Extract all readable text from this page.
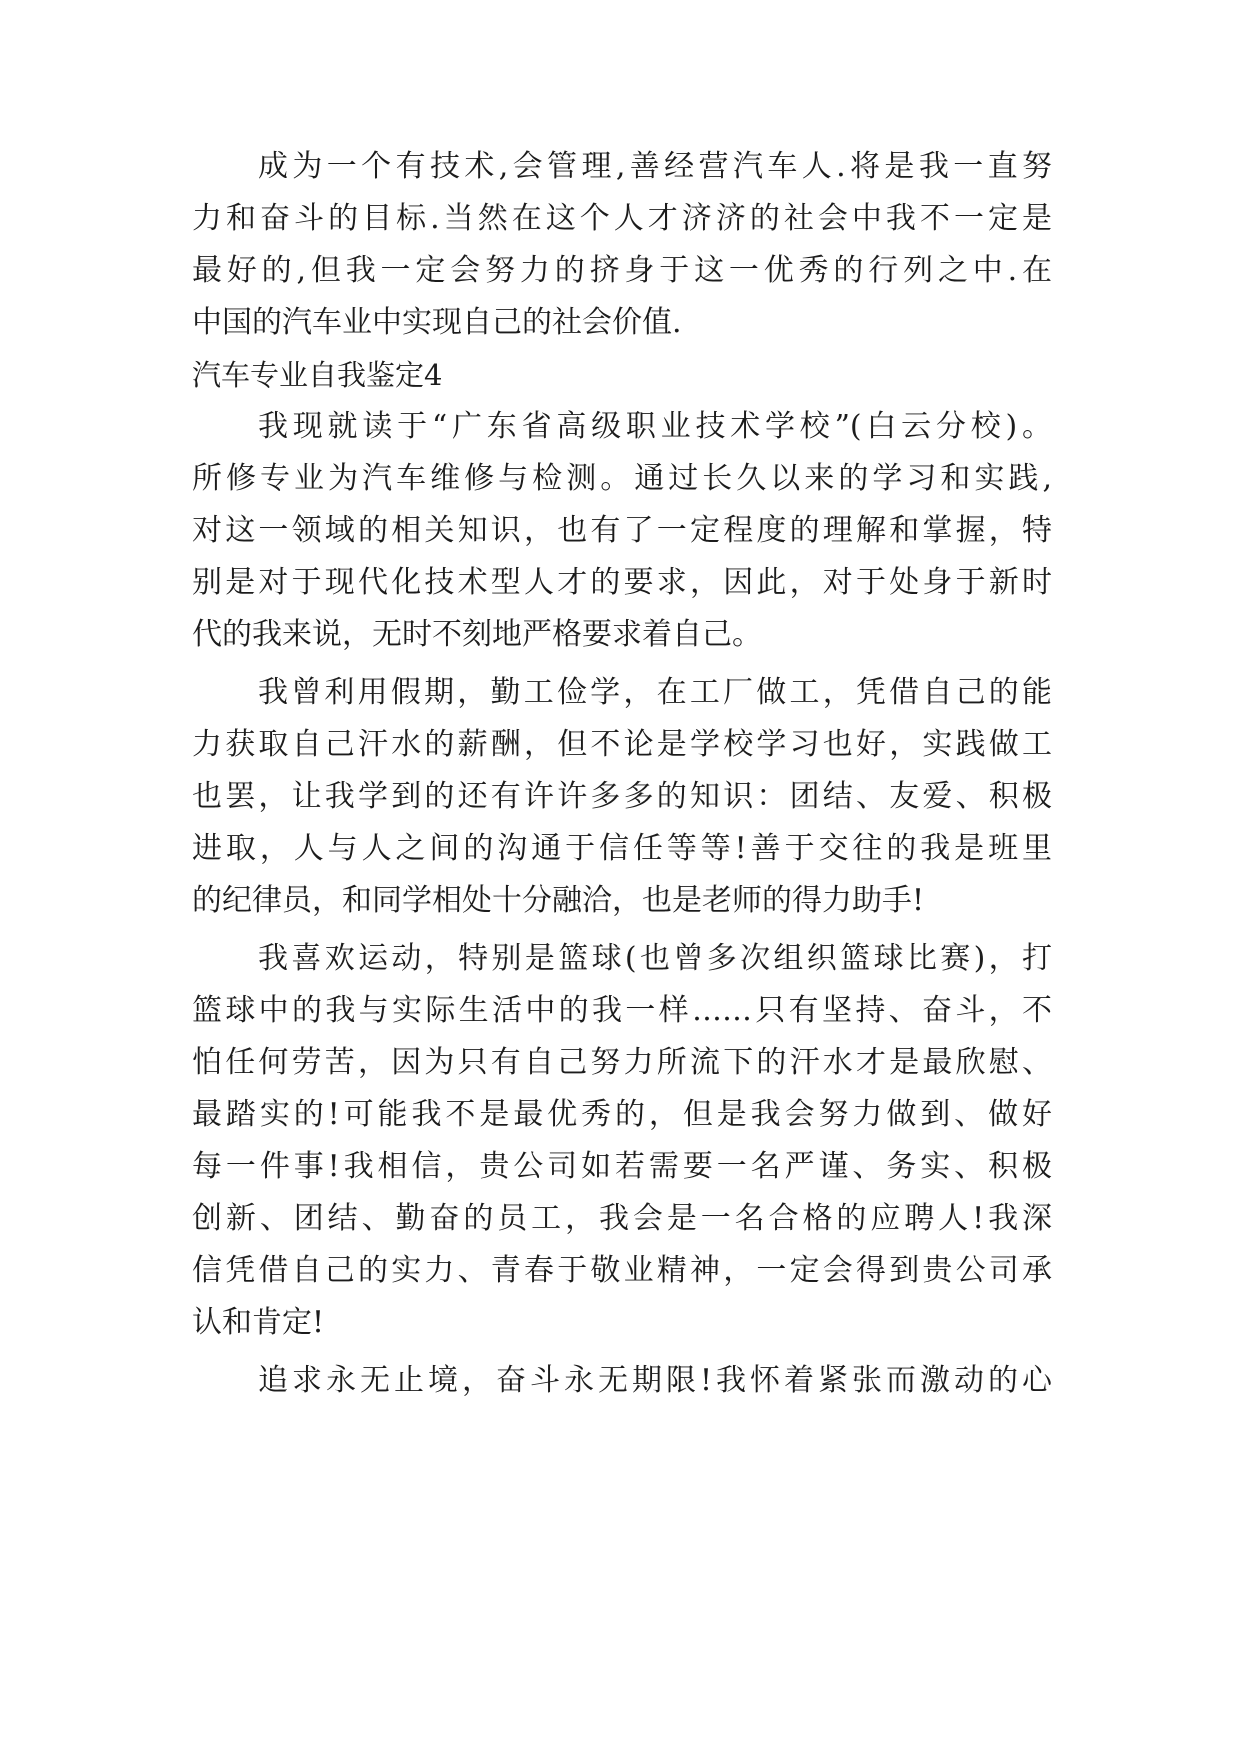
成为一个有技术,会管理,善经营汽车人.将是我一直努
力和奋斗的目标.当然在这个人才济济的社会中我不一定是
最好的,但我一定会努力的挤身于这一优秀的行列之中.在
中国的汽车业中实现自己的社会价值.
汽车专业自我鉴定4
我现就读于“广东省高级职业技术学校”(白云分校)。
所修专业为汽车维修与检测。通过长久以来的学习和实践,
对这一领域的相关知识，也有了一定程度的理解和掌握，特
别是对于现代化技术型人才的要求，因此，对于处身于新时
代的我来说，无时不刻地严格要求着自己。
我曾利用假期，勤工俭学，在工厂做工，凭借自己的能
力获取自己汗水的薪酬，但不论是学校学习也好，实践做工
也罢，让我学到的还有许许多多的知识：团结、友爱、积极
进取，人与人之间的沟通于信任等等!善于交往的我是班里
的纪律员，和同学相处十分融洽，也是老师的得力助手!
我喜欢运动，特别是篮球(也曾多次组织篮球比赛)，打
篮球中的我与实际生活中的我一样……只有坚持、奋斗，不
怕任何劳苦，因为只有自己努力所流下的汗水才是最欣慰、
最踏实的!可能我不是最优秀的，但是我会努力做到、做好
每一件事!我相信，贵公司如若需要一名严谨、务实、积极
创新、团结、勤奋的员工，我会是一名合格的应聘人!我深
信凭借自己的实力、青春于敬业精神，一定会得到贵公司承
认和肯定!
追求永无止境，奋斗永无期限!我怀着紧张而激动的心
